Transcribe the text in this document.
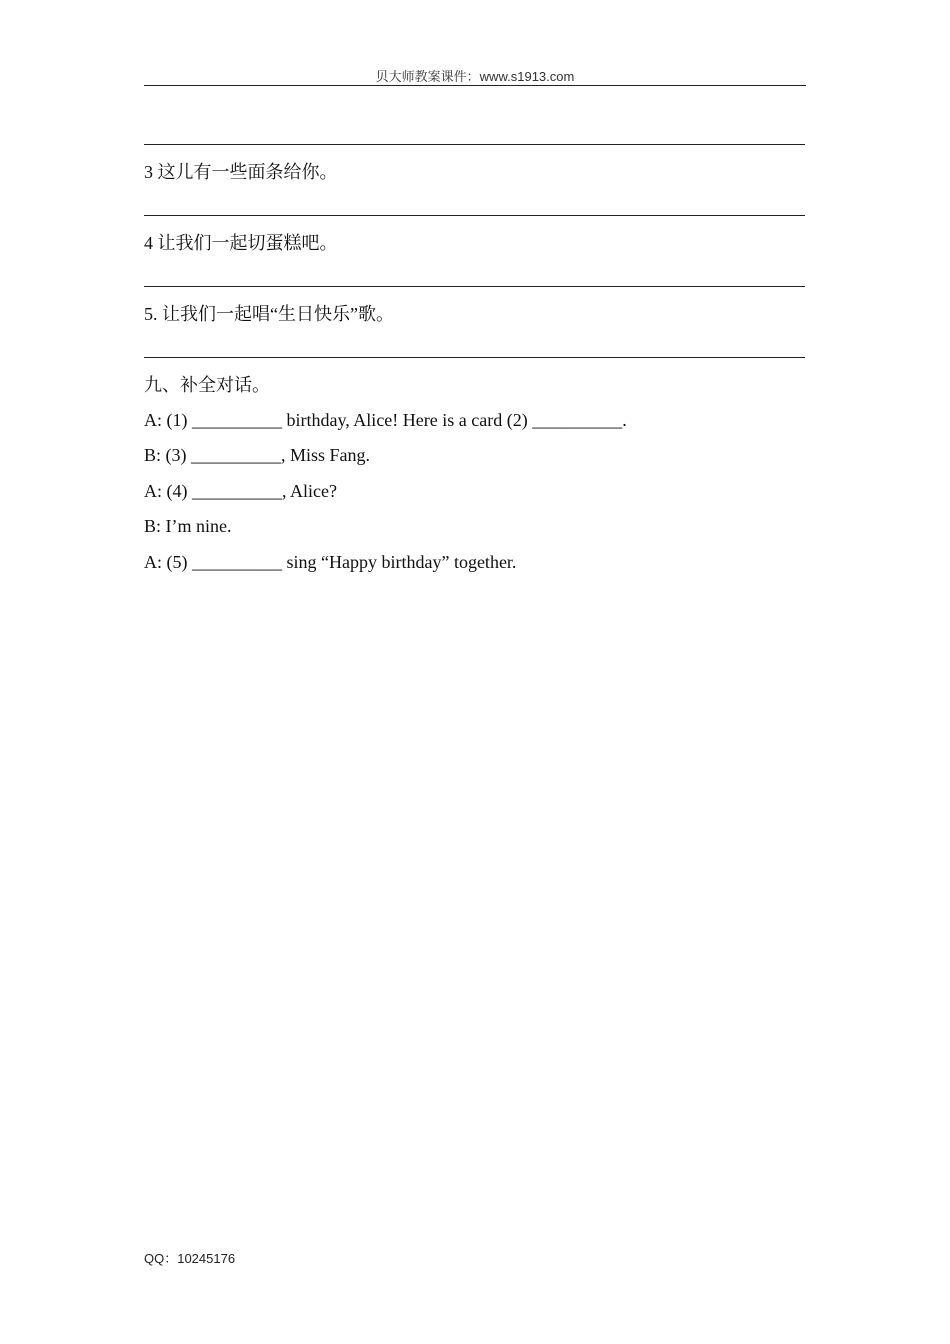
贝大师教案课件：www.s1913.com
3 这儿有一些面条给你。
4 让我们一起切蛋糕吧。
5. 让我们一起唱“生日快乐”歌。
九、补全对话。
A: (1) __________ birthday, Alice! Here is a card (2) __________.
B: (3) __________, Miss Fang.
A: (4) __________, Alice?
B: I’m nine.
A: (5) __________ sing “Happy birthday” together.
QQ：10245176
